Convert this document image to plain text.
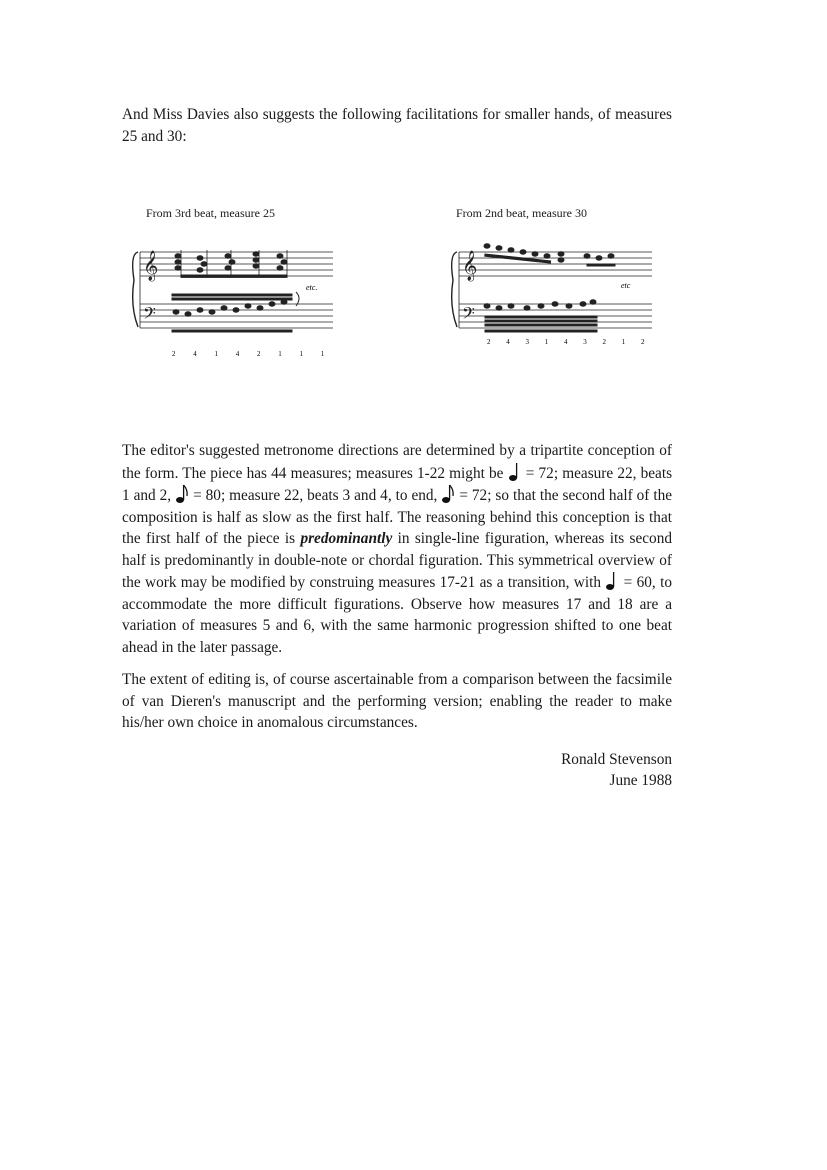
And Miss Davies also suggests the following facilitations for smaller hands, of measures 25 and 30:

From 3rd beat, measure 25	From 2nd beat, measure 30
𝄞
𝄢
etc.
2 4 1 4 2 1 1 1
𝄞
𝄢
etc
2 4 3 1 4 3 2 1 2

The editor's suggested metronome directions are determined by a tripartite conception of the form. The piece has 44 measures; measures 1-22 might be = 72; measure 22, beats 1 and 2, = 80; measure 22, beats 3 and 4, to end, = 72; so that the second half of the composition is half as slow as the first half. The reasoning behind this conception is that the first half of the piece is predominantly in single-line figuration, whereas its second half is predominantly in double-note or chordal figuration. This symmetrical overview of the work may be modified by construing measures 17-21 as a transition, with = 60, to accommodate the more difficult figurations. Observe how measures 17 and 18 are a variation of measures 5 and 6, with the same harmonic progression shifted to one beat ahead in the later passage.

The extent of editing is, of course ascertainable from a comparison between the facsimile of van Dieren's manuscript and the performing version; enabling the reader to make his/her own choice in anomalous circumstances.

Ronald Stevenson
June 1988
